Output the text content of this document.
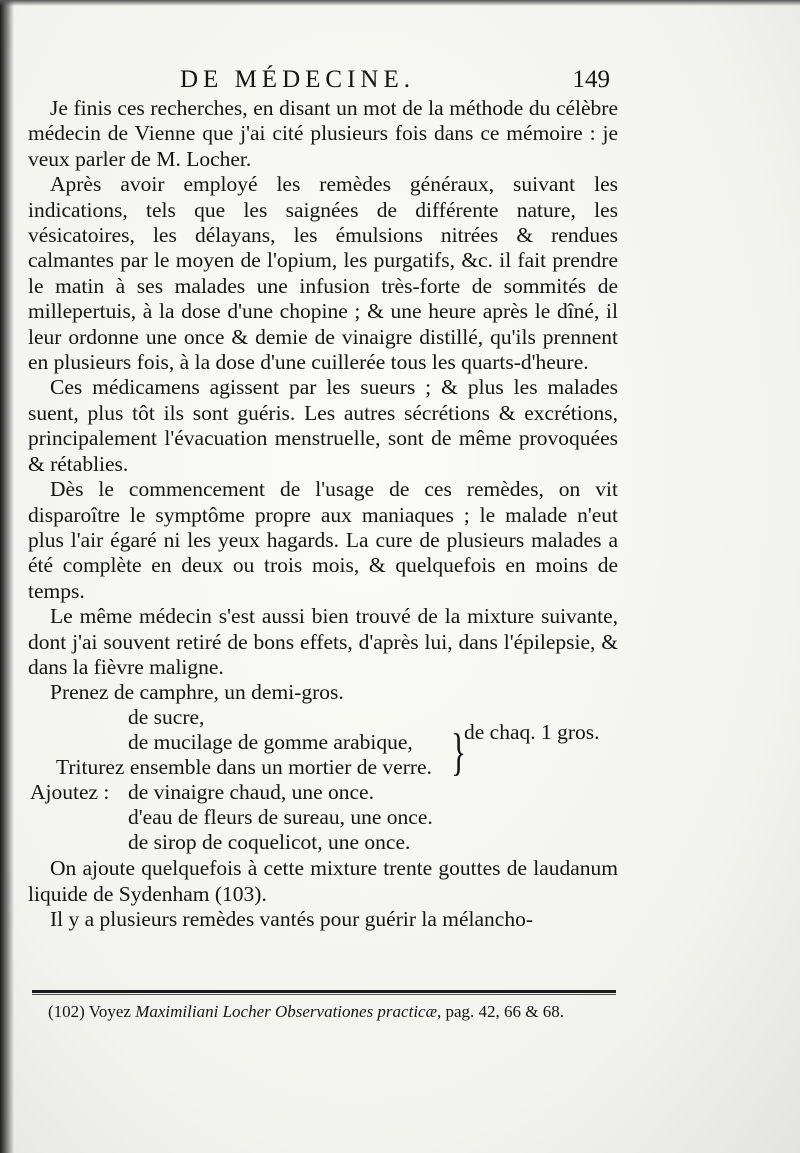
DE MÉDECINE.	149

Je finis ces recherches, en disant un mot de la méthode du célèbre médecin de Vienne que j'ai cité plusieurs fois dans ce mémoire : je veux parler de M. Locher.

Après avoir employé les remèdes généraux, suivant les indications, tels que les saignées de différente nature, les vésicatoires, les délayans, les émulsions nitrées & rendues calmantes par le moyen de l'opium, les purgatifs, &c. il fait prendre le matin à ses malades une infusion très-forte de sommités de millepertuis, à la dose d'une chopine ; & une heure après le dîné, il leur ordonne une once & demie de vinaigre distillé, qu'ils prennent en plusieurs fois, à la dose d'une cuillerée tous les quarts-d'heure.

Ces médicamens agissent par les sueurs ; & plus les malades suent, plus tôt ils sont guéris. Les autres sécrétions & excrétions, principalement l'évacuation menstruelle, sont de même provoquées & rétablies.

Dès le commencement de l'usage de ces remèdes, on vit disparoître le symptôme propre aux maniaques ; le malade n'eut plus l'air égaré ni les yeux hagards. La cure de plusieurs malades a été complète en deux ou trois mois, & quelquefois en moins de temps.

Le même médecin s'est aussi bien trouvé de la mixture suivante, dont j'ai souvent retiré de bons effets, d'après lui, dans l'épilepsie, & dans la fièvre maligne.

Prenez de camphre, un demi-gros.
de sucre,
de mucilage de gomme arabique, }
de chaq. 1 gros.
Triturez ensemble dans un mortier de verre.
Ajoutez : de vinaigre chaud, une once.
d'eau de fleurs de sureau, une once.
de sirop de coquelicot, une once.

On ajoute quelquefois à cette mixture trente gouttes de laudanum liquide de Sydenham (103).

Il y a plusieurs remèdes vantés pour guérir la mélancho-

(102) Voyez Maximiliani Locher Observationes practicæ, pag. 42, 66 & 68.
